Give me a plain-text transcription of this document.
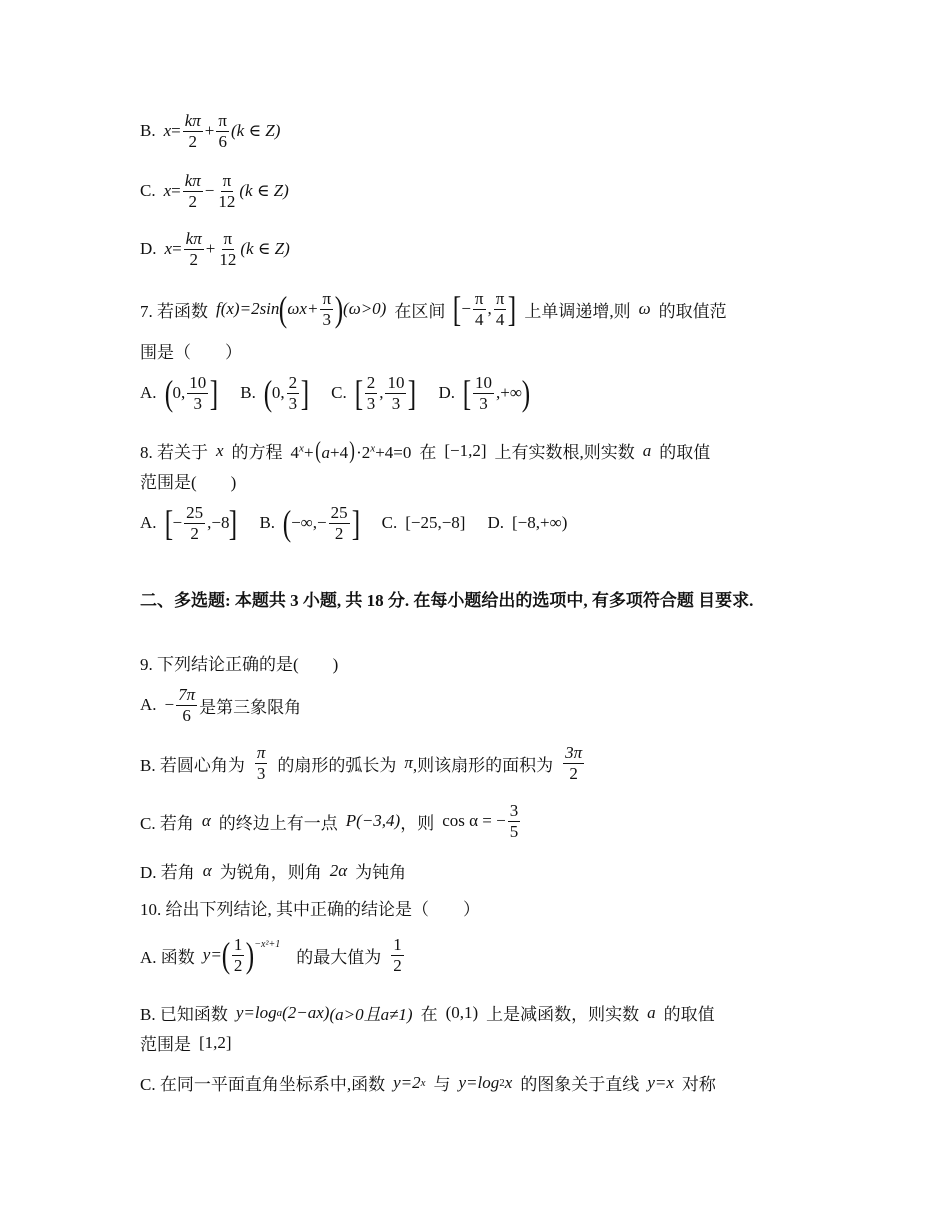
B. $x = \frac{k\pi}{2} + \frac{\pi}{6} (k$ ∈ Z)
C. $x = \frac{k\pi}{2} - \frac{\pi}{12} (k$ ∈ Z)
D. $x = \frac{k\pi}{2} + \frac{\pi}{12} (k$ ∈ Z)
7. 若函数 f(x)=2sin ( $\omega x+ \frac{\pi}{3}$ ) (ω>0) 在区间 [ − $\frac{\pi}{4}$ , $\frac{\pi}{4}$ ] 上单调递增,则 ω 的取值范
围是（　　）
A. ( 0, $\frac{10}{3}$ ] B. ( 0, $\frac{2}{3}$ ] C. [ $\frac{2}{3}$ , $\frac{10}{3}$ ] D. [ $\frac{10}{3}$ ,+∞ )
8. 若关于 x 的方程 $4^x+(a+4)\cdot 2^x+4=0$ 在 [−1,2] 上有实数根,则实数 a 的取值
范围是(　　)
A. [ − $\frac{25}{2} ,-8$ ] B. ( −∞,− $\frac{25}{2}$ ] C. [−25,−8] D. [−8,+∞)
二、多选题: 本题共 3 小题, 共 18 分. 在每小题给出的选项中, 有多项符合题 目要求.
9. 下列结论正确的是(　　)
A. − $\frac{7\pi}{6}$ 是第三象限角
B. 若圆心角为 $\frac{\pi}{3}$ 的扇形的弧长为 π ,则该扇形的面积为 $\frac{3\pi}{2}$
C. 若角 α 的终边上有一点 P(−3,4) ，则 cos α = − $\frac{3}{5}$
D. 若角 α 为锐角，则角 2α 为钝角
10. 给出下列结论, 其中正确的结论是（　　）
A. 函数 y= ( $\frac{1}{2} )^{-x^2+1}$
的最大值为 $\frac{1}{2}$
B. 已知函数 y=log a (2−ax) (a>0且a≠1) 在 (0,1) 上是减函数，则实数 a 的取值
范围是 [1,2]
C. 在同一平面直角坐标系中,函数 y=2 x 与 y=log 2 x 的图象关于直线 y=x 对称
